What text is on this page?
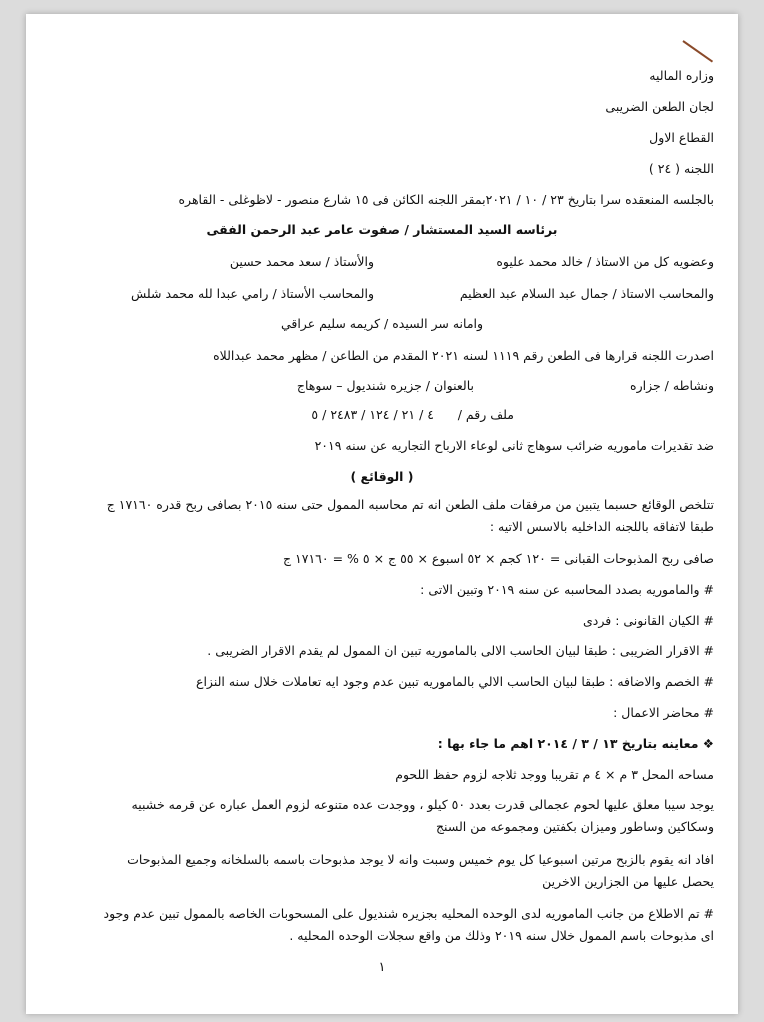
وزاره الماليه

لجان الطعن الضريبى

القطاع الاول

اللجنه ( ٢٤ )

بالجلسه المنعقده سرا بتاريخ ٢٣ / ١٠ / ٢٠٢١بمقر اللجنه الكائن فى ١٥ شارع منصور - لاظوغلى - القاهره

برئاسه السيد المستشار / صفوت عامر عبد الرحمن الفقى

وعضويه كل من الاستاذ / خالد محمد عليوه
والأستاذ / سعد محمد حسين
والمحاسب الاستاذ / جمال عبد السلام عبد العظيم
والمحاسب الأستاذ / رامي عبدا لله محمد شلش

وامانه سر السيده / كريمه سليم عراقي

اصدرت اللجنه قرارها فى الطعن رقم ١١١٩ لسنه ٢٠٢١ المقدم من الطاعن / مظهر محمد عبداللاه

ونشاطه / جزاره
بالعنوان / جزيره شنديول – سوهاج
ملف رقم /
٤ / ٢١ / ١٢٤ / ٢٤٨٣ / ٥

ضد تقديرات ماموريه ضرائب سوهاج ثانى لوعاء الارباح التجاريه عن سنه ٢٠١٩

( الوقائع )

تتلخص الوقائع حسبما يتبين من مرفقات ملف الطعن انه تم محاسبه الممول حتى سنه ٢٠١٥ بصافى ربح قدره ١٧١٦٠ ج طبقا لاتفاقه باللجنه الداخليه بالاسس الاتيه :

صافى ربح المذبوحات القبانى = ١٢٠ كجم × ٥٢ اسبوع × ٥٥ ج × ٥ % = ١٧١٦٠ ج

# والماموريه بصدد المحاسبه عن سنه ٢٠١٩ وتبين الاتى :

# الكيان القانونى : فردى

# الاقرار الضريبى : طبقا لبيان الحاسب الالى بالماموريه تبين ان الممول لم يقدم الاقرار الضريبى .

# الخصم والاضافه : طبقا لبيان الحاسب الالي بالماموريه تبين عدم وجود ايه تعاملات خلال سنه النزاع

# محاضر الاعمال :

❖ معاينه بتاريخ ١٣ / ٣ / ٢٠١٤ اهم ما جاء بها :

مساحه المحل ٣ م × ٤ م تقريبا ووجد ثلاجه لزوم حفظ اللحوم

يوجد سيبا معلق عليها لحوم عجمالى قدرت بعدد ٥٠ كيلو ، ووجدت عده متنوعه لزوم العمل عباره عن قرمه خشبيه وسكاكين وساطور وميزان بكفتين ومجموعه من السنج

افاد انه يقوم بالزبح مرتين اسبوعيا كل يوم خميس وسبت وانه لا يوجد مذبوحات باسمه بالسلخانه وجميع المذبوحات يحصل عليها من الجزارين الاخرين

# تم الاطلاع من جانب الماموريه لدى الوحده المحليه بجزيره شنديول على المسحوبات الخاصه بالممول تبين عدم وجود اى مذبوحات باسم الممول خلال سنه ٢٠١٩ وذلك من واقع سجلات الوحده المحليه .

١
